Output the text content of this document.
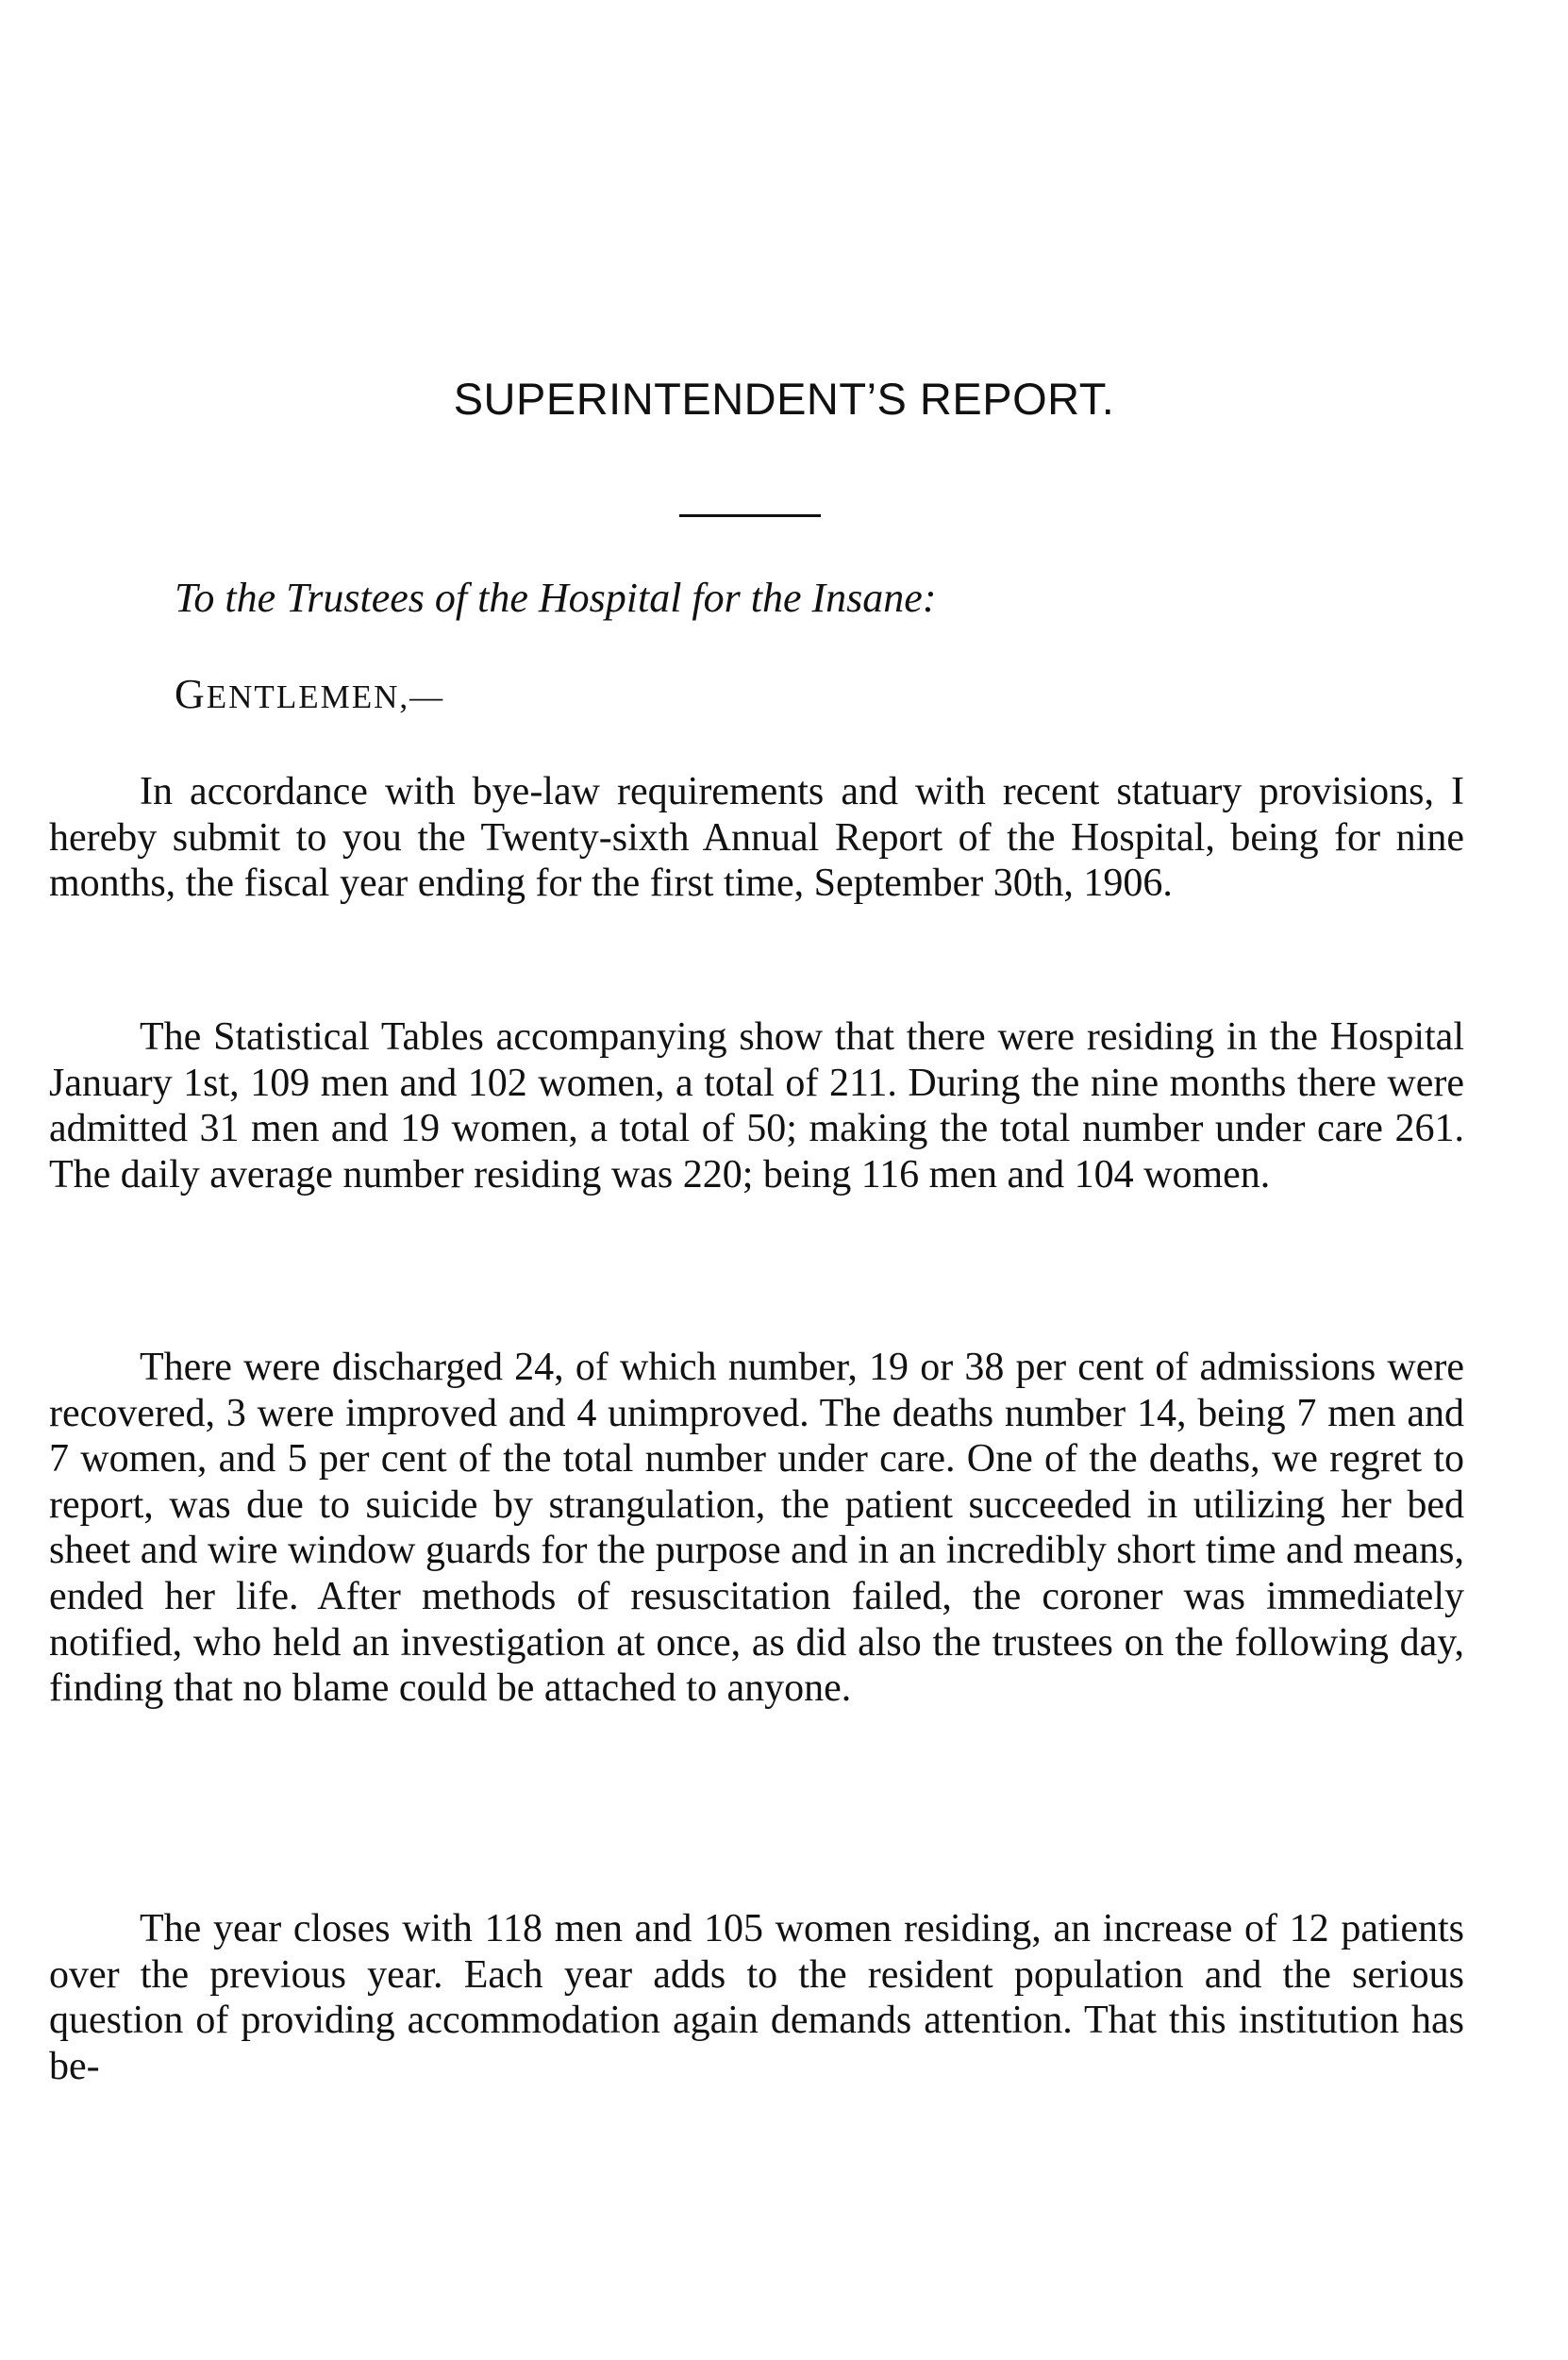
SUPERINTENDENT’S REPORT.

To the Trustees of the Hospital for the Insane:

GENTLEMEN,—

In accordance with bye-law requirements and with recent statuary provisions, I hereby submit to you the Twenty-sixth Annual Report of the Hospital, being for nine months, the fiscal year ending for the first time, September 30th, 1906.

The Statistical Tables accompanying show that there were residing in the Hospital January 1st, 109 men and 102 women, a total of 211. During the nine months there were admitted 31 men and 19 women, a total of 50; making the total number under care 261. The daily average number residing was 220; being 116 men and 104 women.

There were discharged 24, of which number, 19 or 38 per cent of admissions were recovered, 3 were improved and 4 unimproved. The deaths number 14, being 7 men and 7 women, and 5 per cent of the total number under care. One of the deaths, we regret to report, was due to suicide by strangulation, the patient succeeded in utilizing her bed sheet and wire window guards for the purpose and in an incredibly short time and means, ended her life. After methods of resuscitation failed, the coroner was immediately notified, who held an investigation at once, as did also the trustees on the following day, finding that no blame could be attached to anyone.

The year closes with 118 men and 105 women residing, an increase of 12 patients over the previous year. Each year adds to the resident population and the serious question of providing accommodation again demands attention. That this institution has be-
